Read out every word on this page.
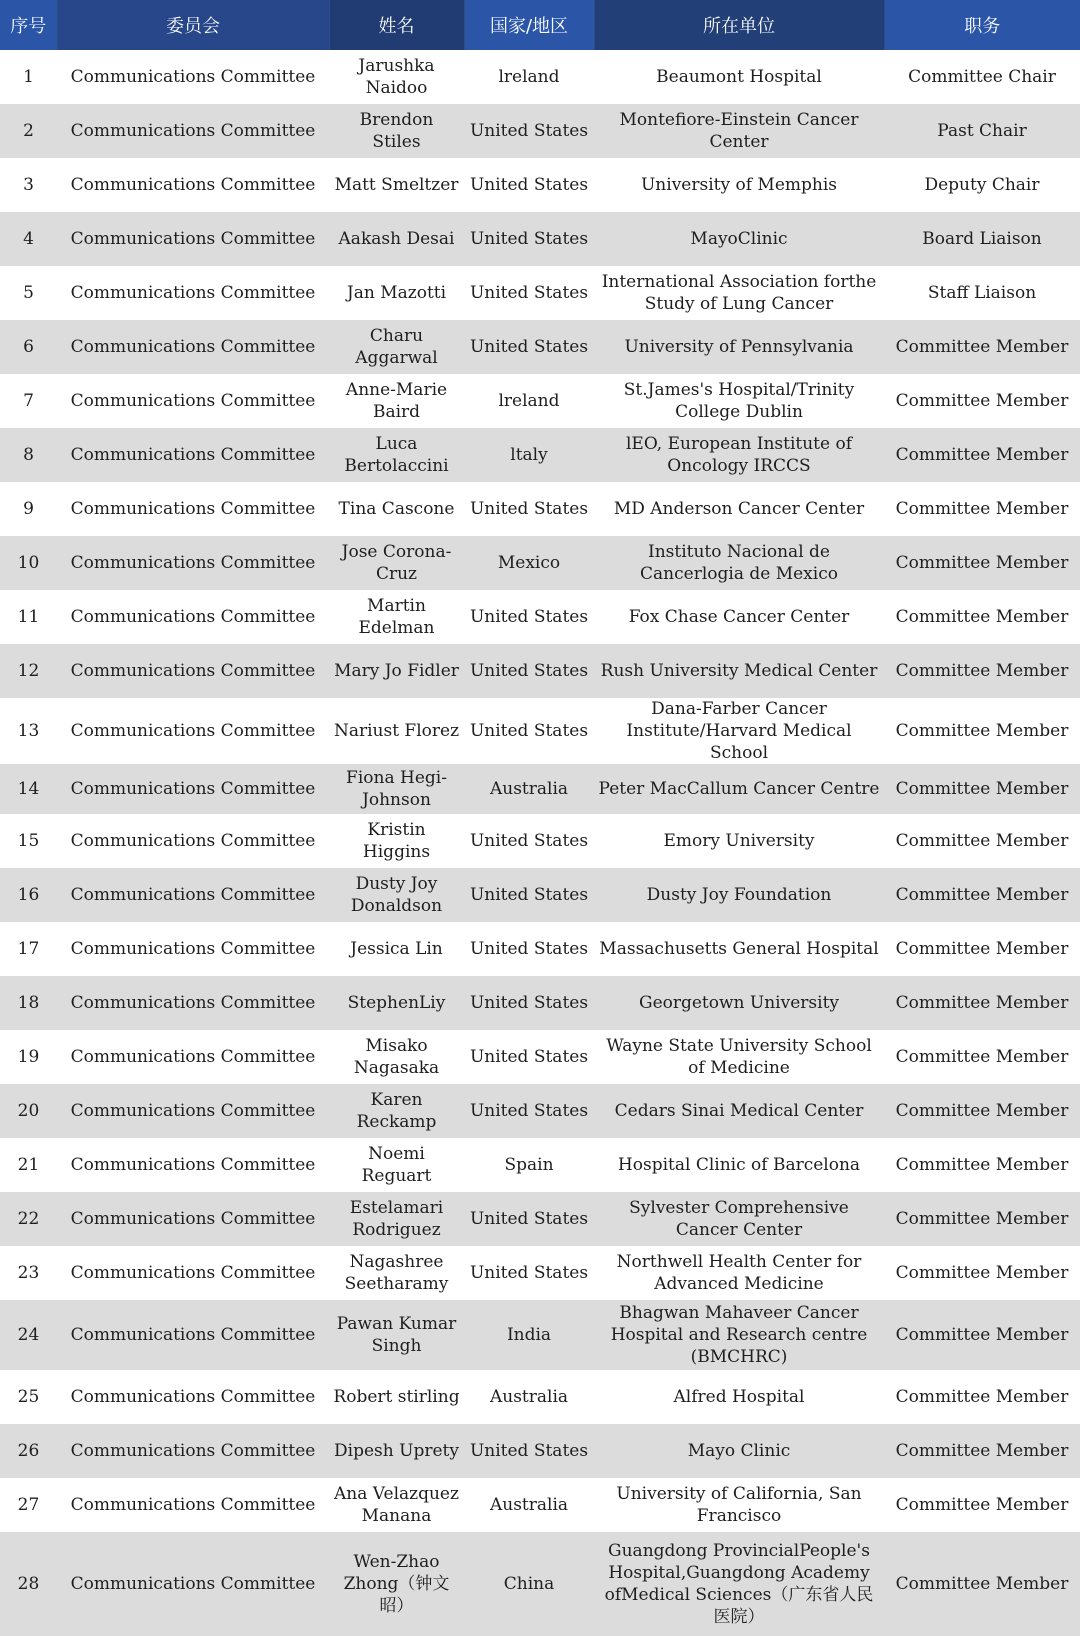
序号	委员会	姓名	国家/地区	所在单位	职务
1	Communications Committee	Jarushka Naidoo	lreland	Beaumont Hospital	Committee Chair
2	Communications Committee	Brendon Stiles	United States	Montefiore-Einstein Cancer Center	Past Chair
3	Communications Committee	Matt Smeltzer	United States	University of Memphis	Deputy Chair
4	Communications Committee	Aakash Desai	United States	MayoClinic	Board Liaison
5	Communications Committee	Jan Mazotti	United States	International Association forthe Study of Lung Cancer	Staff Liaison
6	Communications Committee	Charu Aggarwal	United States	University of Pennsylvania	Committee Member
7	Communications Committee	Anne-Marie Baird	lreland	St.James's Hospital/Trinity College Dublin	Committee Member
8	Communications Committee	Luca Bertolaccini	ltaly	lEO, European Institute of Oncology IRCCS	Committee Member
9	Communications Committee	Tina Cascone	United States	MD Anderson Cancer Center	Committee Member
10	Communications Committee	Jose Corona-Cruz	Mexico	Instituto Nacional de Cancerlogia de Mexico	Committee Member
11	Communications Committee	Martin Edelman	United States	Fox Chase Cancer Center	Committee Member
12	Communications Committee	Mary Jo Fidler	United States	Rush University Medical Center	Committee Member
13	Communications Committee	Nariust Florez	United States	Dana-Farber Cancer Institute/Harvard Medical School	Committee Member
14	Communications Committee	Fiona Hegi-Johnson	Australia	Peter MacCallum Cancer Centre	Committee Member
15	Communications Committee	Kristin Higgins	United States	Emory University	Committee Member
16	Communications Committee	Dusty Joy Donaldson	United States	Dusty Joy Foundation	Committee Member
17	Communications Committee	Jessica Lin	United States	Massachusetts General Hospital	Committee Member
18	Communications Committee	StephenLiy	United States	Georgetown University	Committee Member
19	Communications Committee	Misako Nagasaka	United States	Wayne State University School of Medicine	Committee Member
20	Communications Committee	Karen Reckamp	United States	Cedars Sinai Medical Center	Committee Member
21	Communications Committee	Noemi Reguart	Spain	Hospital Clinic of Barcelona	Committee Member
22	Communications Committee	Estelamari Rodriguez	United States	Sylvester Comprehensive Cancer Center	Committee Member
23	Communications Committee	Nagashree Seetharamy	United States	Northwell Health Center for Advanced Medicine	Committee Member
24	Communications Committee	Pawan Kumar Singh	India	Bhagwan Mahaveer Cancer Hospital and Research centre (BMCHRC)	Committee Member
25	Communications Committee	Robert stirling	Australia	Alfred Hospital	Committee Member
26	Communications Committee	Dipesh Uprety	United States	Mayo Clinic	Committee Member
27	Communications Committee	Ana Velazquez Manana	Australia	University of California, San Francisco	Committee Member
28	Communications Committee	Wen-Zhao Zhong（钟文昭）	China	Guangdong ProvincialPeople's Hospital,Guangdong Academy ofMedical Sciences（广东省人民医院）	Committee Member
